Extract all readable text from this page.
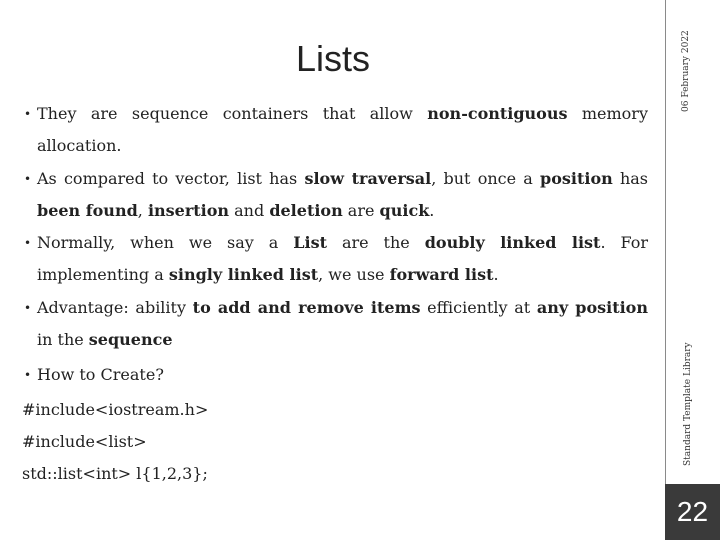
Lists	06 February 2022
Standard Template Library
22
• They are sequence containers that allow non-contiguous memory allocation.
• As compared to vector, list has slow traversal, but once a position has been found, insertion and deletion are quick.
• Normally, when we say a List are the doubly linked list. For implementing a singly linked list, we use forward list.
• Advantage: ability to add and remove items efficiently at any position in the sequence
• How to Create?
#include<iostream.h>
#include<list>
std::list<int> l{1,2,3};
